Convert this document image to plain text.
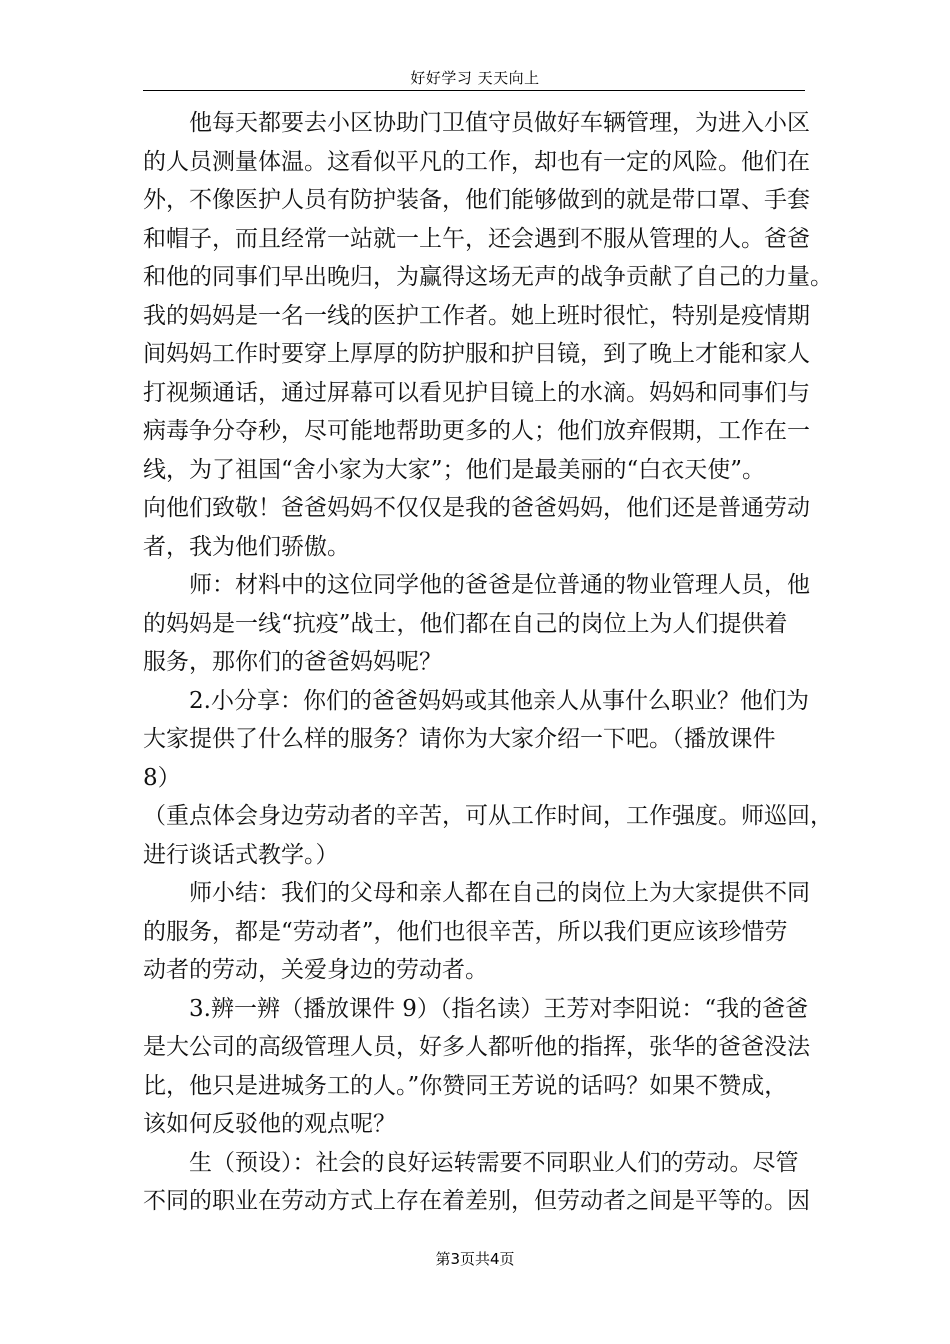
好好学习 天天向上
他每天都要去小区协助门卫值守员做好车辆管理，为进入小区
的人员测量体温。这看似平凡的工作，却也有一定的风险。他们在
外，不像医护人员有防护装备，他们能够做到的就是带口罩、手套
和帽子，而且经常一站就一上午，还会遇到不服从管理的人。爸爸
和他的同事们早出晚归，为赢得这场无声的战争贡献了自己的力量。
我的妈妈是一名一线的医护工作者。她上班时很忙，特别是疫情期
间妈妈工作时要穿上厚厚的防护服和护目镜，到了晚上才能和家人
打视频通话，通过屏幕可以看见护目镜上的水滴。妈妈和同事们与
病毒争分夺秒，尽可能地帮助更多的人；他们放弃假期，工作在一
线，为了祖国“舍小家为大家”；他们是最美丽的“白衣天使”。
向他们致敬！爸爸妈妈不仅仅是我的爸爸妈妈，他们还是普通劳动
者，我为他们骄傲。
师：材料中的这位同学他的爸爸是位普通的物业管理人员，他
的妈妈是一线“抗疫”战士，他们都在自己的岗位上为人们提供着
服务，那你们的爸爸妈妈呢？
2.小分享：你们的爸爸妈妈或其他亲人从事什么职业？他们为
大家提供了什么样的服务？请你为大家介绍一下吧。（播放课件
8）
（重点体会身边劳动者的辛苦，可从工作时间，工作强度。师巡回，
进行谈话式教学。）
师小结：我们的父母和亲人都在自己的岗位上为大家提供不同
的服务，都是“劳动者”，他们也很辛苦，所以我们更应该珍惜劳
动者的劳动，关爱身边的劳动者。
3.辨一辨（播放课件 9）（指名读）王芳对李阳说：“我的爸爸
是大公司的高级管理人员，好多人都听他的指挥，张华的爸爸没法
比，他只是进城务工的人。”你赞同王芳说的话吗？如果不赞成，
该如何反驳他的观点呢？
生（预设）：社会的良好运转需要不同职业人们的劳动。尽管
不同的职业在劳动方式上存在着差别，但劳动者之间是平等的。因
第3页共4页
